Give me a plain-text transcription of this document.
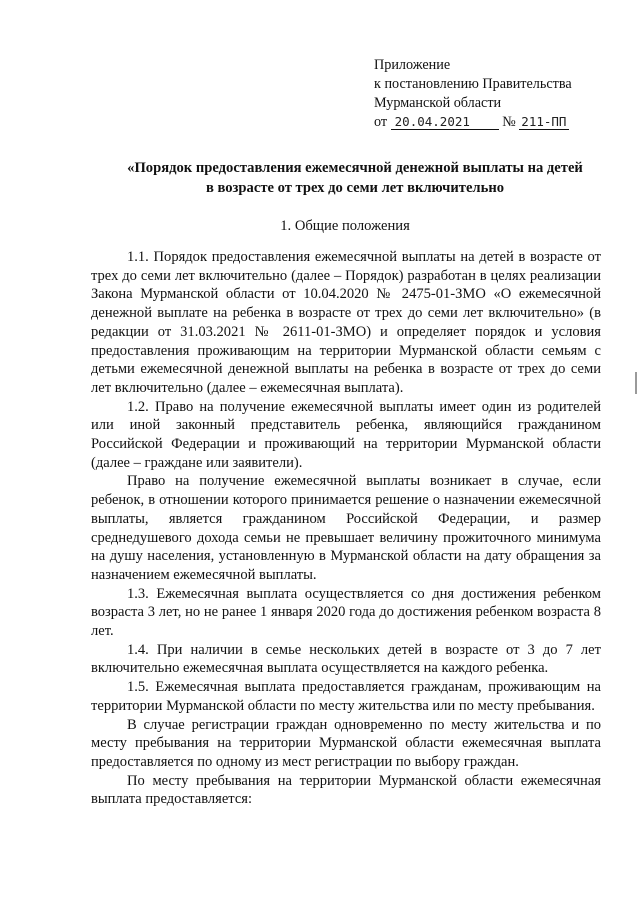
Приложение
к постановлению Правительства
Мурманской области
от 20.04.2021 № 211-ПП
«Порядок предоставления ежемесячной денежной выплаты на детей
в возрасте от трех до семи лет включительно
1. Общие положения

1.1. Порядок предоставления ежемесячной выплаты на детей в возрасте от трех до семи лет включительно (далее – Порядок) разработан в целях реализации Закона Мурманской области от 10.04.2020 № 2475-01-ЗМО «О ежемесячной денежной выплате на ребенка в возрасте от трех до семи лет включительно» (в редакции от 31.03.2021 № 2611-01-ЗМО) и определяет порядок и условия предоставления проживающим на территории Мурманской области семьям с детьми ежемесячной денежной выплаты на ребенка в возрасте от трех до семи лет включительно (далее – ежемесячная выплата).

1.2. Право на получение ежемесячной выплаты имеет один из родителей или иной законный представитель ребенка, являющийся гражданином Российской Федерации и проживающий на территории Мурманской области (далее – граждане или заявители).

Право на получение ежемесячной выплаты возникает в случае, если ребенок, в отношении которого принимается решение о назначении ежемесячной выплаты, является гражданином Российской Федерации, и размер среднедушевого дохода семьи не превышает величину прожиточного минимума на душу населения, установленную в Мурманской области на дату обращения за назначением ежемесячной выплаты.

1.3. Ежемесячная выплата осуществляется со дня достижения ребенком возраста 3 лет, но не ранее 1 января 2020 года до достижения ребенком возраста 8 лет.

1.4. При наличии в семье нескольких детей в возрасте от 3 до 7 лет включительно ежемесячная выплата осуществляется на каждого ребенка.

1.5. Ежемесячная выплата предоставляется гражданам, проживающим на территории Мурманской области по месту жительства или по месту пребывания.

В случае регистрации граждан одновременно по месту жительства и по месту пребывания на территории Мурманской области ежемесячная выплата предоставляется по одному из мест регистрации по выбору граждан.

По месту пребывания на территории Мурманской области ежемесячная выплата предоставляется:
